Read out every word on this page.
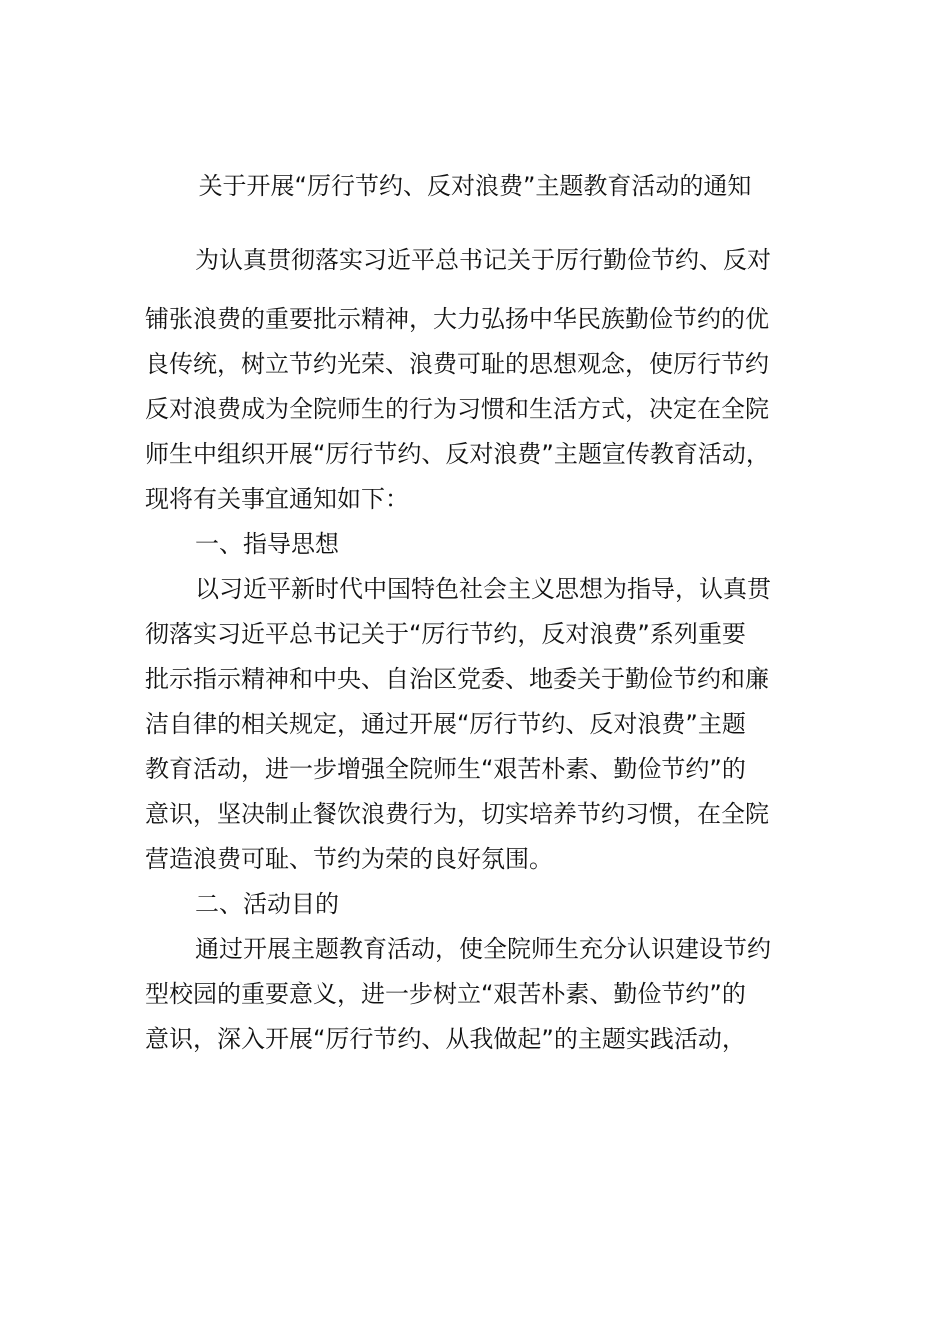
关于开展“厉行节约、反对浪费”主题教育活动的通知
为认真贯彻落实习近平总书记关于厉行勤俭节约、反对
铺张浪费的重要批示精神，大力弘扬中华民族勤俭节约的优
良传统，树立节约光荣、浪费可耻的思想观念，使厉行节约
反对浪费成为全院师生的行为习惯和生活方式，决定在全院
师生中组织开展“厉行节约、反对浪费”主题宣传教育活动，
现将有关事宜通知如下：
一、指导思想
以习近平新时代中国特色社会主义思想为指导，认真贯
彻落实习近平总书记关于“厉行节约，反对浪费”系列重要
批示指示精神和中央、自治区党委、地委关于勤俭节约和廉
洁自律的相关规定，通过开展“厉行节约、反对浪费”主题
教育活动，进一步增强全院师生“艰苦朴素、勤俭节约”的
意识，坚决制止餐饮浪费行为，切实培养节约习惯，在全院
营造浪费可耻、节约为荣的良好氛围。
二、活动目的
通过开展主题教育活动，使全院师生充分认识建设节约
型校园的重要意义，进一步树立“艰苦朴素、勤俭节约”的
意识，深入开展“厉行节约、从我做起”的主题实践活动，
